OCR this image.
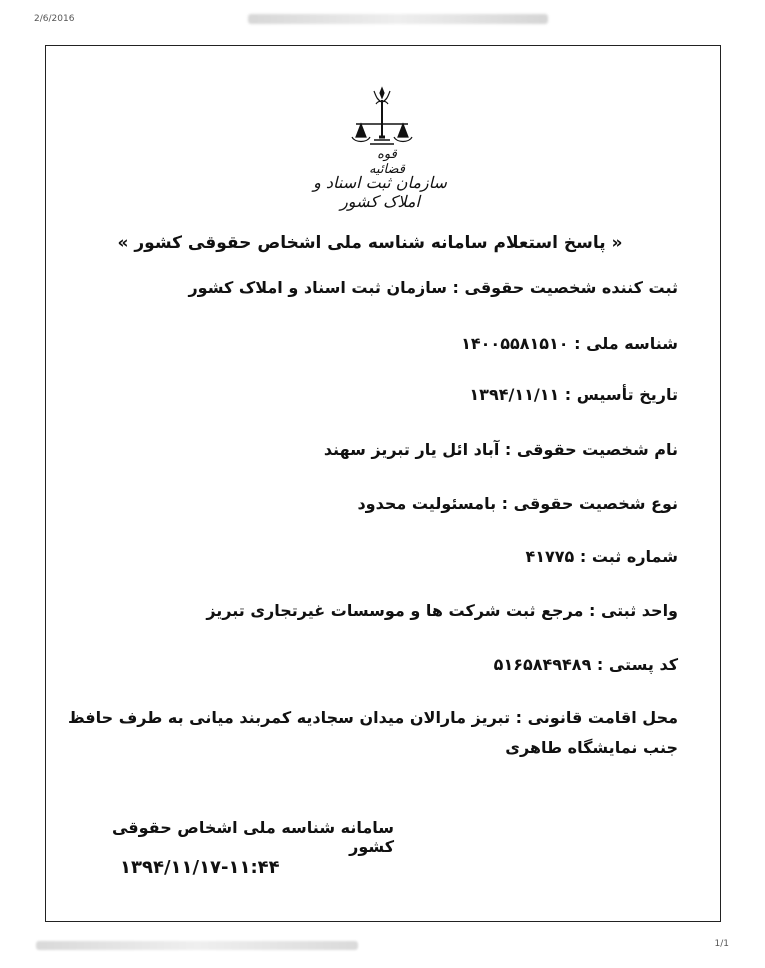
2/6/2016
قوه قضائیه
سازمان ثبت اسناد و املاک کشور
« پاسخ استعلام سامانه شناسه ملی اشخاص حقوقی کشور »
ثبت کننده شخصیت حقوقی : سازمان ثبت اسناد و املاک کشور
شناسه ملی : ۱۴۰۰۵۵۸۱۵۱۰
تاریخ تأسیس : ۱۳۹۴/۱۱/۱۱
نام شخصیت حقوقی : آباد ائل یار تبریز سهند
نوع شخصیت حقوقی : بامسئولیت محدود
شماره ثبت : ۴۱۷۷۵
واحد ثبتی : مرجع ثبت شرکت ها و موسسات غیرتجاری تبریز
کد پستی : ۵۱۶۵۸۴۹۴۸۹
محل اقامت قانونی : تبریز مارالان میدان سجادیه کمربند میانی به طرف حافظ جنب نمایشگاه طاهری
سامانه شناسه ملی اشخاص حقوقی کشور
۱۳۹۴/۱۱/۱۷-۱۱:۴۴
1/1
